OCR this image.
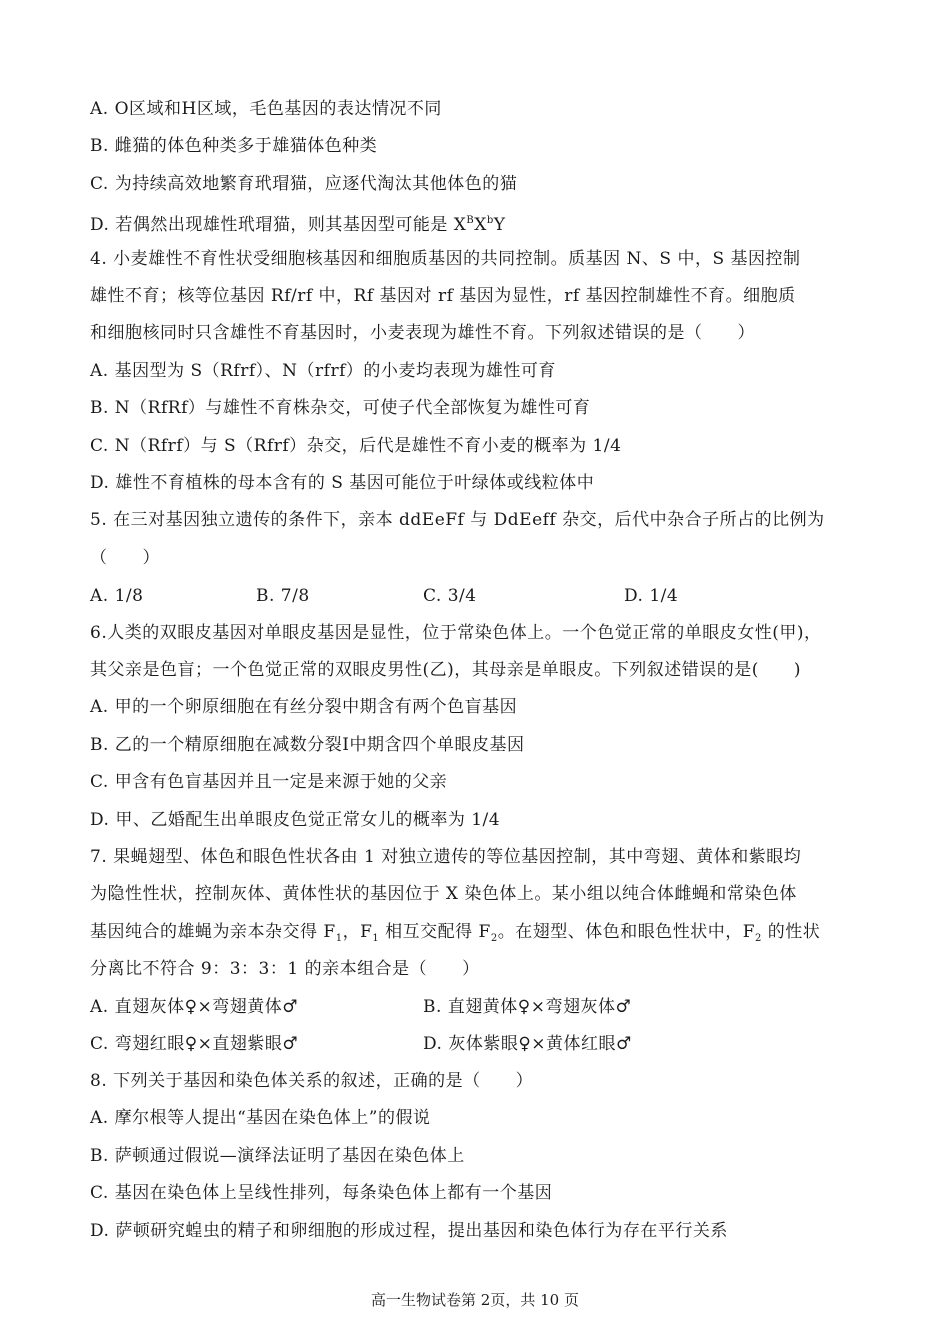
A. O区域和H区域，毛色基因的表达情况不同
B. 雌猫的体色种类多于雄猫体色种类
C. 为持续高效地繁育玳瑁猫，应逐代淘汰其他体色的猫
D. 若偶然出现雄性玳瑁猫，则其基因型可能是 $X^BX^bY$
4. 小麦雄性不育性状受细胞核基因和细胞质基因的共同控制。质基因 N、S 中，S 基因控制
雄性不育；核等位基因 Rf/rf 中，Rf 基因对 rf 基因为显性，rf 基因控制雄性不育。细胞质
和细胞核同时只含雄性不育基因时，小麦表现为雄性不育。下列叙述错误的是（　　）
A. 基因型为 S（Rfrf）、N（rfrf）的小麦均表现为雄性可育
B. N（RfRf）与雄性不育株杂交，可使子代全部恢复为雄性可育
C. N（Rfrf）与 S（Rfrf）杂交，后代是雄性不育小麦的概率为 1/4
D. 雄性不育植株的母本含有的 S 基因可能位于叶绿体或线粒体中
5. 在三对基因独立遗传的条件下，亲本 ddEeFf 与 DdEeff 杂交，后代中杂合子所占的比例为
（　　）
A. 1/8	B. 7/8	C. 3/4	D. 1/4
6.人类的双眼皮基因对单眼皮基因是显性，位于常染色体上。一个色觉正常的单眼皮女性(甲)，
其父亲是色盲；一个色觉正常的双眼皮男性(乙)，其母亲是单眼皮。下列叙述错误的是(　　)
A. 甲的一个卵原细胞在有丝分裂中期含有两个色盲基因
B. 乙的一个精原细胞在减数分裂Ⅰ中期含四个单眼皮基因
C. 甲含有色盲基因并且一定是来源于她的父亲
D. 甲、乙婚配生出单眼皮色觉正常女儿的概率为 1/4
7. 果蝇翅型、体色和眼色性状各由 1 对独立遗传的等位基因控制，其中弯翅、黄体和紫眼均
为隐性性状，控制灰体、黄体性状的基因位于 X 染色体上。某小组以纯合体雌蝇和常染色体
基因纯合的雄蝇为亲本杂交得 $F_1$，$F_1$ 相互交配得 $F_2$。在翅型、体色和眼色性状中，$F_2$ 的性状
分离比不符合 9：3：3：1 的亲本组合是（　　）
A. 直翅灰体♀×弯翅黄体♂	B. 直翅黄体♀×弯翅灰体♂
C. 弯翅红眼♀×直翅紫眼♂	D. 灰体紫眼♀×黄体红眼♂
8. 下列关于基因和染色体关系的叙述，正确的是（　　）
A. 摩尔根等人提出“基因在染色体上”的假说
B. 萨顿通过假说—演绎法证明了基因在染色体上
C. 基因在染色体上呈线性排列，每条染色体上都有一个基因
D. 萨顿研究蝗虫的精子和卵细胞的形成过程，提出基因和染色体行为存在平行关系
高一生物试卷第 2页，共 10 页
